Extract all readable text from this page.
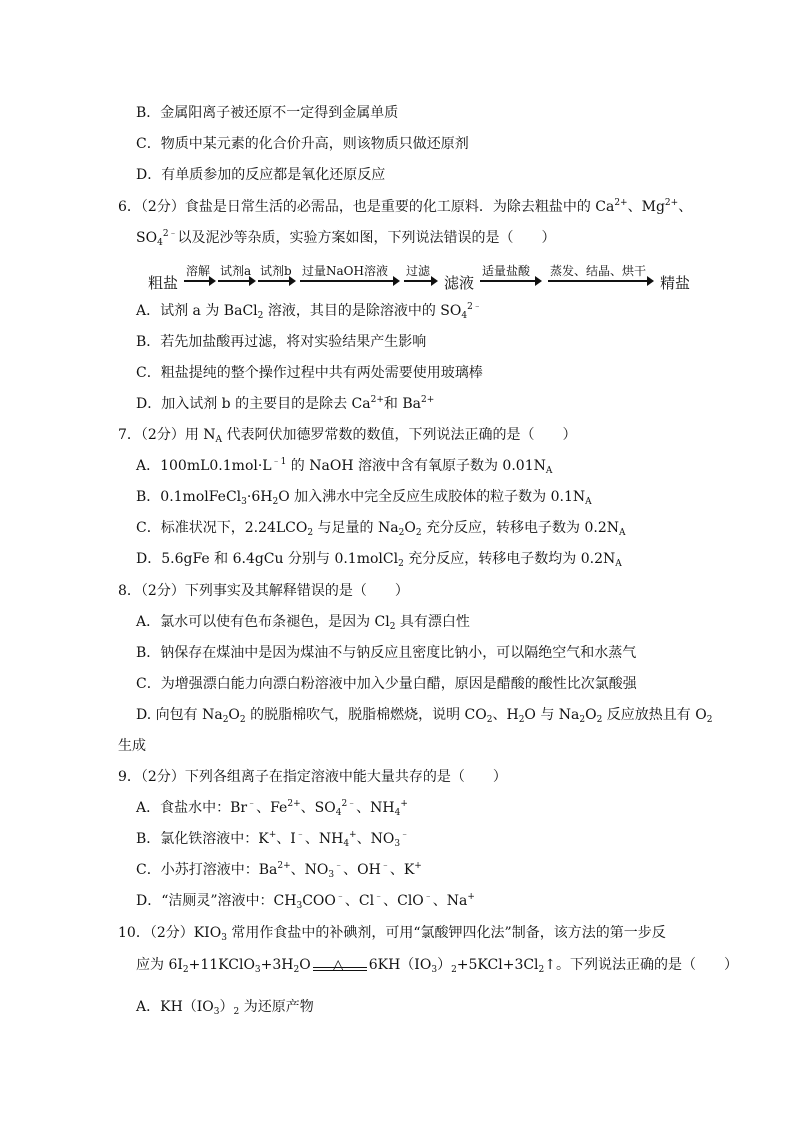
B．金属阳离子被还原不一定得到金属单质
C．物质中某元素的化合价升高，则该物质只做还原剂
D．有单质参加的反应都是氧化还原反应
6．（2分）食盐是日常生活的必需品，也是重要的化工原料．为除去粗盐中的 $Ca^{2+}$、$Mg^{2+}$、
$SO_4^{2﹣}$以及泥沙等杂质，实验方案如图，下列说法错误的是（　　）
粗盐
溶解 试剂a 试剂b 过量NaOH溶液 过滤
滤液
适量盐酸 蒸发、结晶、烘干
精盐
A．试剂 a 为 BaCl$_2$ 溶液，其目的是除溶液中的 $SO_4^{2﹣}$
B．若先加盐酸再过滤，将对实验结果产生影响
C．粗盐提纯的整个操作过程中共有两处需要使用玻璃棒
D．加入试剂 b 的主要目的是除去 $Ca^{2+}$和 $Ba^{2+}$
7．（2分）用 $N_A$ 代表阿伏加德罗常数的数值，下列说法正确的是（　　）
A．$100mL0.1mol\cdot L^{﹣1}$ 的 NaOH 溶液中含有氧原子数为 $0.01N_A$
B．$0.1molFeCl_3\cdot 6H_2O$ 加入沸水中完全反应生成胶体的粒子数为 $0.1N_A$
C．标准状况下，$2.24LCO_2$ 与足量的 $Na_2O_2$ 充分反应，转移电子数为 $0.2N_A$
D．5.6gFe 和 6.4gCu 分别与 0.1molCl$_2$ 充分反应，转移电子数均为 $0.2N_A$
8．（2分）下列事实及其解释错误的是（　　）
A．氯水可以使有色布条褪色，是因为 $Cl_2$ 具有漂白性
B．钠保存在煤油中是因为煤油不与钠反应且密度比钠小，可以隔绝空气和水蒸气
C．为增强漂白能力向漂白粉溶液中加入少量白醋，原因是醋酸的酸性比次氯酸强
D. 向包有 $Na_2O_2$ 的脱脂棉吹气，脱脂棉燃烧，说明 $CO_2$、$H_2O$ 与 $Na_2O_2$ 反应放热且有 $O_2$
生成
9．（2分）下列各组离子在指定溶液中能大量共存的是（　　）
A．食盐水中：Br﹣、$Fe^{2+}$、$SO_4^{2﹣}$、$NH_4^+$
B．氯化铁溶液中：K+、I﹣、$NH_4^+$、$NO_3^﹣$
C．小苏打溶液中：$Ba^{2+}$、$NO_3^﹣$、OH﹣、K+
D．“洁厕灵”溶液中：$CH_3COO^﹣$、Cl﹣、ClO﹣、Na+
10．（2分）$KIO_3$ 常用作食盐中的补碘剂，可用“氯酸钾四化法”制备，该方法的第一步反
应为 $6I_2+11KClO_3+3H_2O$ △ $6KH(IO_3)_2+5KCl+3Cl_2↑$。下列说法正确的是（　　）
A．$KH(IO_3)_2$ 为还原产物
